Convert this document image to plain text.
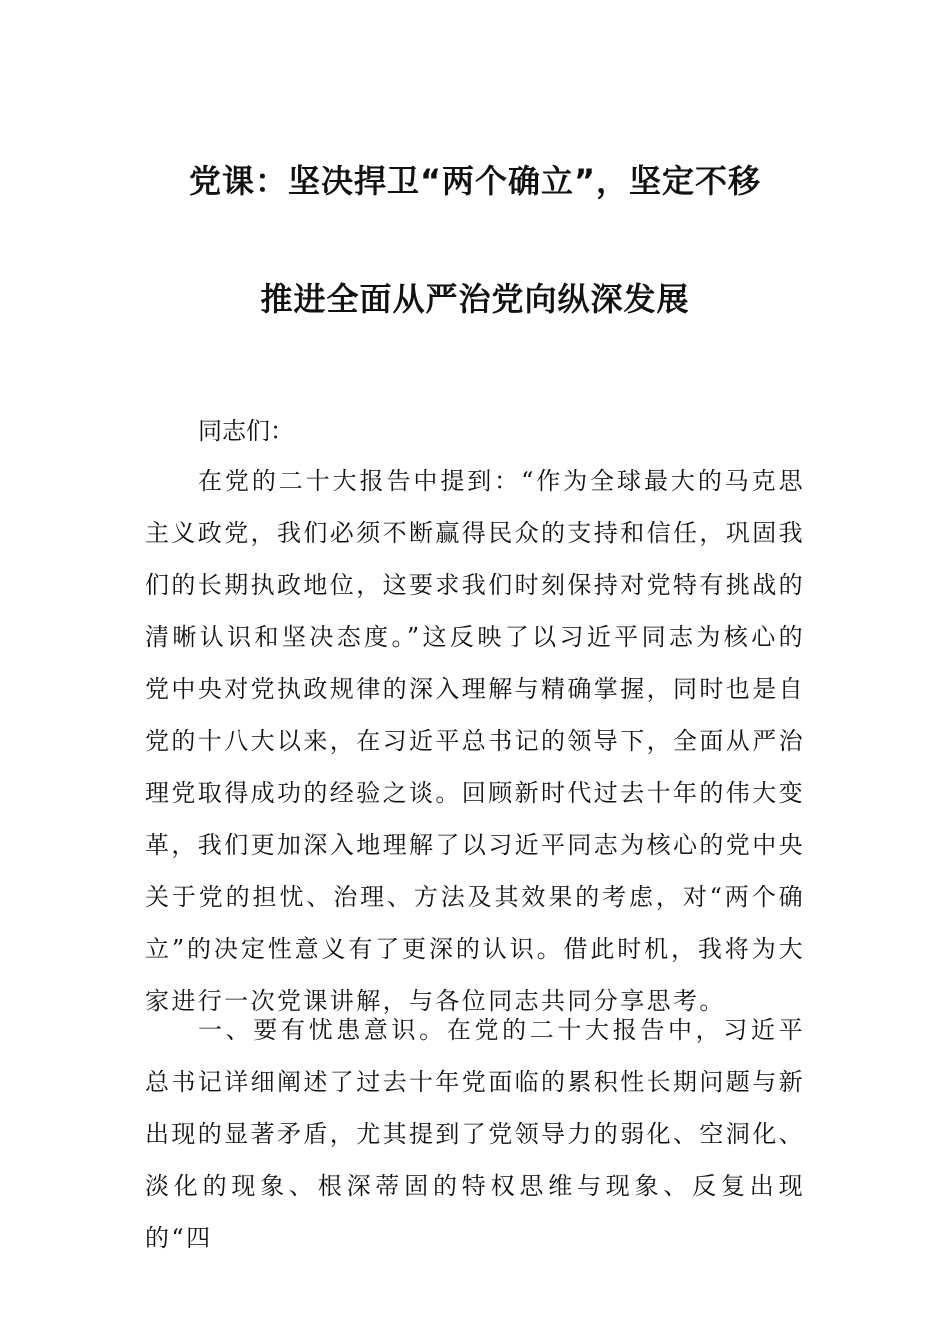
党课：坚决捍卫“两个确立”，坚定不移
推进全面从严治党向纵深发展
同志们：

在党的二十大报告中提到：“作为全球最大的马克思主义政党，我们必须不断赢得民众的支持和信任，巩固我们的长期执政地位，这要求我们时刻保持对党特有挑战的清晰认识和坚决态度。”这反映了以习近平同志为核心的党中央对党执政规律的深入理解与精确掌握，同时也是自党的十八大以来，在习近平总书记的领导下，全面从严治理党取得成功的经验之谈。回顾新时代过去十年的伟大变革，我们更加深入地理解了以习近平同志为核心的党中央关于党的担忧、治理、方法及其效果的考虑，对“两个确立”的决定性意义有了更深的认识。借此时机，我将为大家进行一次党课讲解，与各位同志共同分享思考。

一、要有忧患意识。在党的二十大报告中，习近平总书记详细阐述了过去十年党面临的累积性长期问题与新出现的显著矛盾，尤其提到了党领导力的弱化、空洞化、淡化的现象、根深蒂固的特权思维与现象、反复出现的“四
